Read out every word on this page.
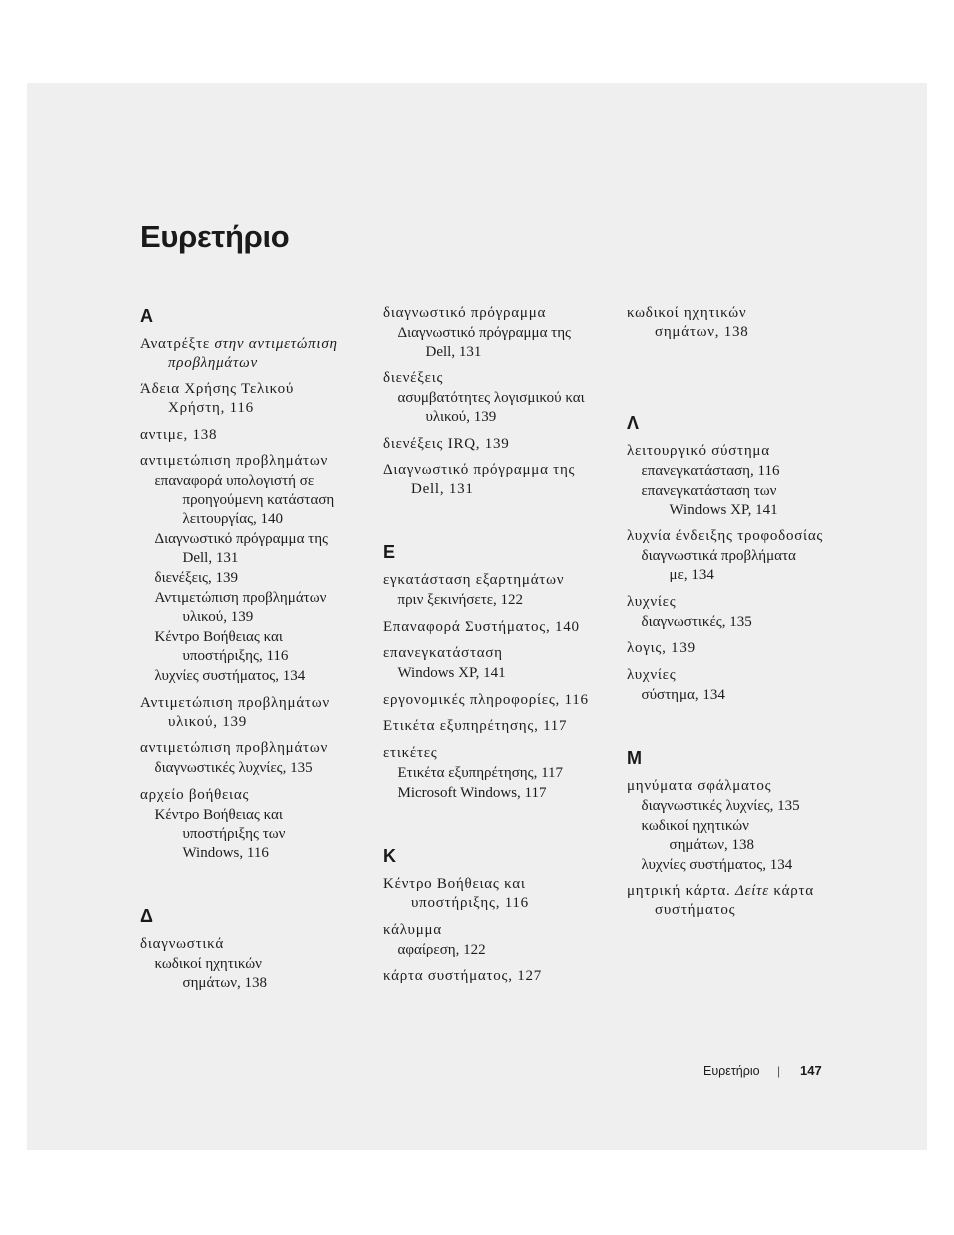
Ευρετήριο
Α
Ανατρέξτε στην αντιμετώπιση
προβλημάτων
Άδεια Χρήσης Τελικού
Χρήστη, 116
αντιμε, 138
αντιμετώπιση προβλημάτων
επαναφορά υπολογιστή σε
προηγούμενη κατάσταση
λειτουργίας, 140
Διαγνωστικό πρόγραμμα της
Dell, 131
διενέξεις, 139
Αντιμετώπιση προβλημάτων
υλικού, 139
Κέντρο Βοήθειας και
υποστήριξης, 116
λυχνίες συστήματος, 134
Αντιμετώπιση προβλημάτων
υλικού, 139
αντιμετώπιση προβλημάτων
διαγνωστικές λυχνίες, 135
αρχείο βοήθειας
Κέντρο Βοήθειας και
υποστήριξης των
Windows, 116
Δ
διαγνωστικά
κωδικοί ηχητικών
σημάτων, 138
διαγνωστικό πρόγραμμα
Διαγνωστικό πρόγραμμα της
Dell, 131
διενέξεις
ασυμβατότητες λογισμικού και
υλικού, 139
διενέξεις IRQ, 139
Διαγνωστικό πρόγραμμα της
Dell, 131
Ε
εγκατάσταση εξαρτημάτων
πριν ξεκινήσετε, 122
Επαναφορά Συστήματος, 140
επανεγκατάσταση
Windows XP, 141
εργονομικές πληροφορίες, 116
Ετικέτα εξυπηρέτησης, 117
ετικέτες
Ετικέτα εξυπηρέτησης, 117
Microsoft Windows, 117
Κ
Κέντρο Βοήθειας και
υποστήριξης, 116
κάλυμμα
αφαίρεση, 122
κάρτα συστήματος, 127
κωδικοί ηχητικών
σημάτων, 138
Λ
λειτουργικό σύστημα
επανεγκατάσταση, 116
επανεγκατάσταση των
Windows XP, 141
λυχνία ένδειξης τροφοδοσίας
διαγνωστικά προβλήματα
με, 134
λυχνίες
διαγνωστικές, 135
λογις, 139
λυχνίες
σύστημα, 134
Μ
μηνύματα σφάλματος
διαγνωστικές λυχνίες, 135
κωδικοί ηχητικών
σημάτων, 138
λυχνίες συστήματος, 134
μητρική κάρτα. Δείτε κάρτα
συστήματος
Ευρετήριο | 147
